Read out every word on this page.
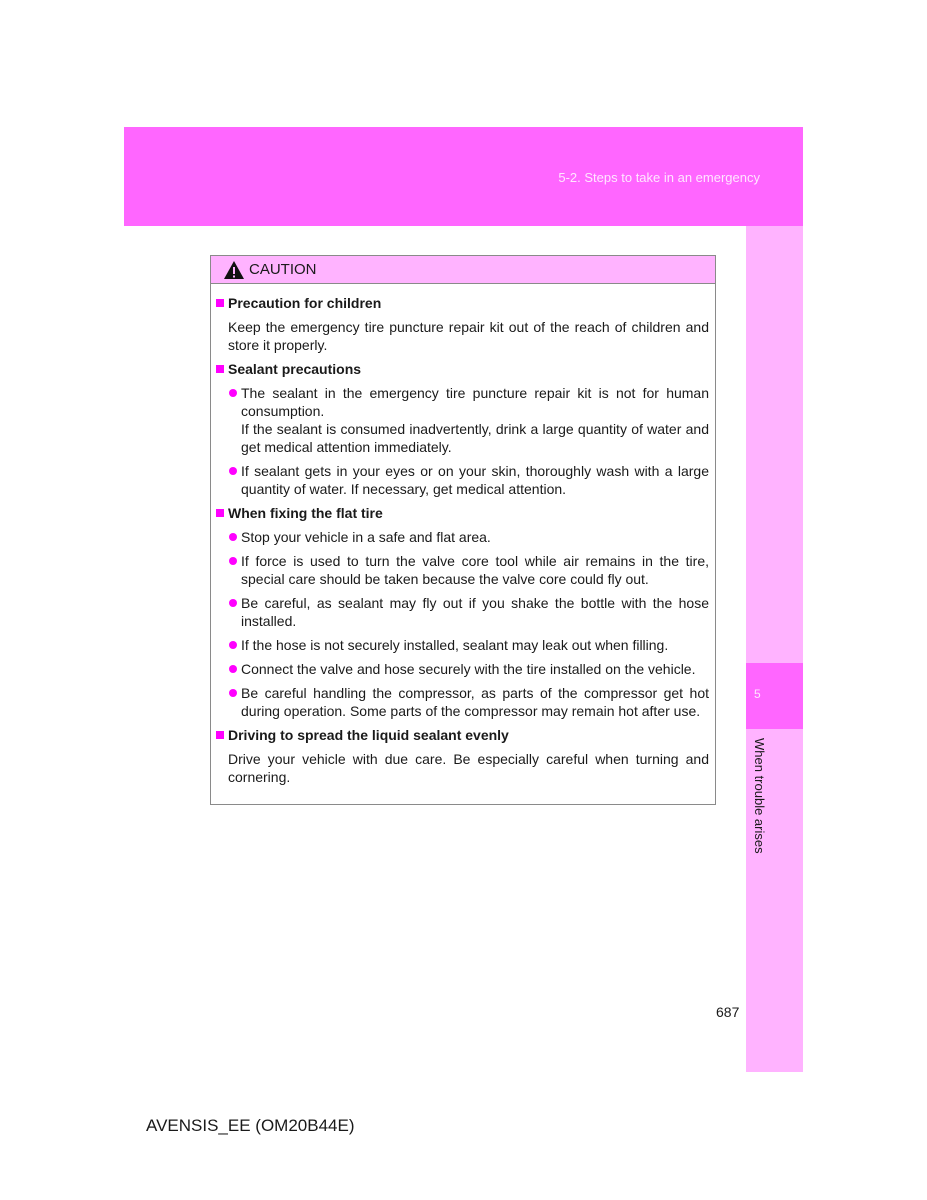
5-2. Steps to take in an emergency
5
When trouble arises
CAUTION
Precaution for children
Keep the emergency tire puncture repair kit out of the reach of children and store it properly.
Sealant precautions
The sealant in the emergency tire puncture repair kit is not for human consumption.
If the sealant is consumed inadvertently, drink a large quantity of water and get medical attention immediately.
If sealant gets in your eyes or on your skin, thoroughly wash with a large quantity of water. If necessary, get medical attention.
When fixing the flat tire
Stop your vehicle in a safe and flat area.
If force is used to turn the valve core tool while air remains in the tire, special care should be taken because the valve core could fly out.
Be careful, as sealant may fly out if you shake the bottle with the hose installed.
If the hose is not securely installed, sealant may leak out when filling.
Connect the valve and hose securely with the tire installed on the vehicle.
Be careful handling the compressor, as parts of the compressor get hot during operation. Some parts of the compressor may remain hot after use.
Driving to spread the liquid sealant evenly
Drive your vehicle with due care. Be especially careful when turning and cornering.
687
AVENSIS_EE (OM20B44E)
